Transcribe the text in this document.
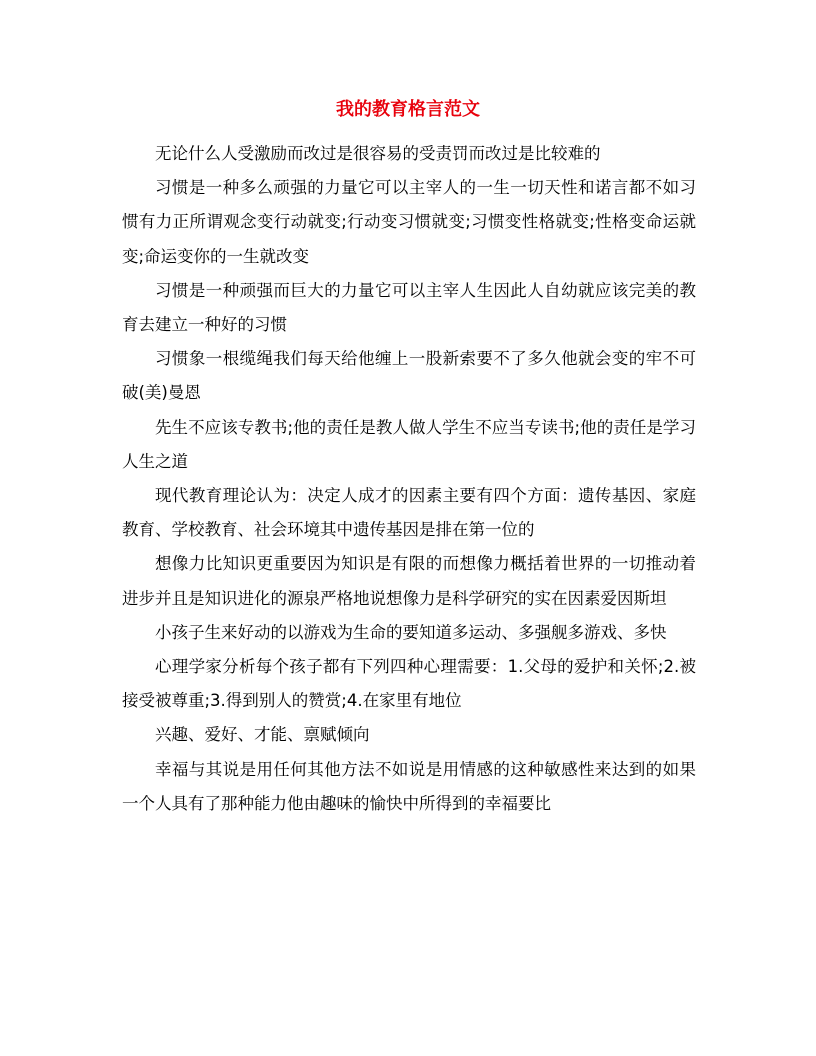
我的教育格言范文

无论什么人受激励而改过是很容易的受责罚而改过是比较难的

习惯是一种多么顽强的力量它可以主宰人的一生一切天性和诺言都不如习惯有力正所谓观念变行动就变;行动变习惯就变;习惯变性格就变;性格变命运就变;命运变你的一生就改变

习惯是一种顽强而巨大的力量它可以主宰人生因此人自幼就应该完美的教育去建立一种好的习惯

习惯象一根缆绳我们每天给他缠上一股新索要不了多久他就会变的牢不可破(美)曼恩

先生不应该专教书;他的责任是教人做人学生不应当专读书;他的责任是学习人生之道

现代教育理论认为：决定人成才的因素主要有四个方面：遗传基因、家庭教育、学校教育、社会环境其中遗传基因是排在第一位的

想像力比知识更重要因为知识是有限的而想像力概括着世界的一切推动着进步并且是知识进化的源泉严格地说想像力是科学研究的实在因素爱因斯坦

小孩子生来好动的以游戏为生命的要知道多运动、多强舰多游戏、多快

心理学家分析每个孩子都有下列四种心理需要：1.父母的爱护和关怀;2.被接受被尊重;3.得到别人的赞赏;4.在家里有地位

兴趣、爱好、才能、禀赋倾向

幸福与其说是用任何其他方法不如说是用情感的这种敏感性来达到的如果一个人具有了那种能力他由趣味的愉快中所得到的幸福要比
